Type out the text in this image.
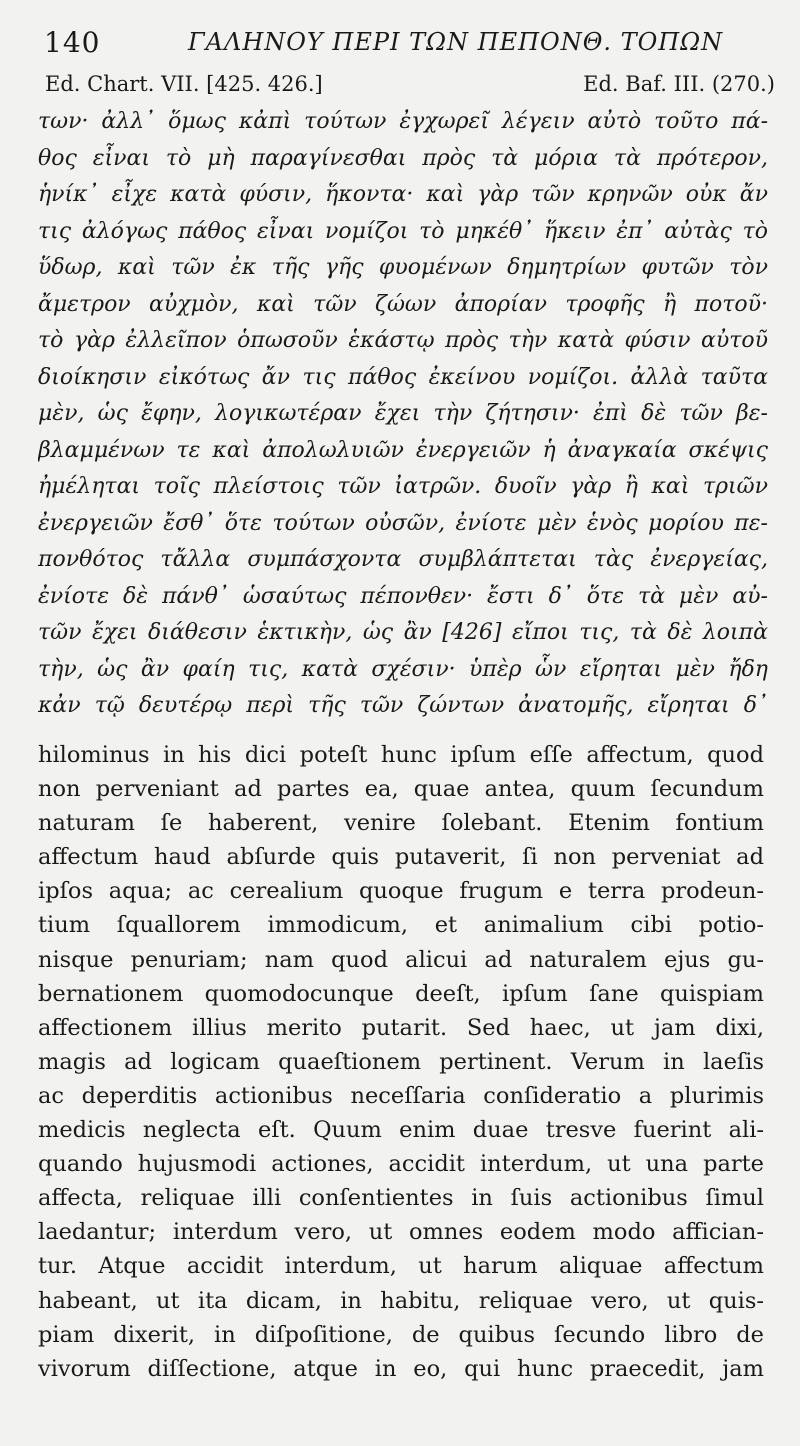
140	ΓΑΛΗΝΟΥ ΠΕΡΙ ΤΩΝ ΠΕΠΟΝΘ. ΤΟΠΩΝ
Ed. Chart. VII. [425. 426.]	Ed. Baf. III. (270.)
των· ἀλλ᾽ ὅμως κἀπὶ τούτων ἐγχωρεῖ λέγειν αὐτὸ τοῦτο πά-
θος εἶναι τὸ μὴ παραγίνεσθαι πρὸς τὰ μόρια τὰ πρότερον,
ἡνίκ᾽ εἶχε κατὰ φύσιν, ἥκοντα· καὶ γὰρ τῶν κρηνῶν οὐκ ἄν
τις ἀλόγως πάθος εἶναι νομίζοι τὸ μηκέθ᾽ ἥκειν ἐπ᾽ αὐτὰς τὸ
ὕδωρ, καὶ τῶν ἐκ τῆς γῆς φυομένων δημητρίων φυτῶν τὸν
ἄμετρον αὐχμὸν, καὶ τῶν ζώων ἀπορίαν τροφῆς ἢ ποτοῦ·
τὸ γὰρ ἐλλεῖπον ὁπωσοῦν ἑκάστῳ πρὸς τὴν κατὰ φύσιν αὐτοῦ
διοίκησιν εἰκότως ἄν τις πάθος ἐκείνου νομίζοι. ἀλλὰ ταῦτα
μὲν, ὡς ἔφην, λογικωτέραν ἔχει τὴν ζήτησιν· ἐπὶ δὲ τῶν βε-
βλαμμένων τε καὶ ἀπολωλυιῶν ἐνεργειῶν ἡ ἀναγκαία σκέψις
ἠμέληται τοῖς πλείστοις τῶν ἰατρῶν. δυοῖν γὰρ ἢ καὶ τριῶν
ἐνεργειῶν ἔσθ᾽ ὅτε τούτων οὐσῶν, ἐνίοτε μὲν ἑνὸς μορίου πε-
πονθότος τἄλλα συμπάσχοντα συμβλάπτεται τὰς ἐνεργείας,
ἐνίοτε δὲ πάνθ᾽ ὡσαύτως πέπονθεν· ἔστι δ᾽ ὅτε τὰ μὲν αὐ-
τῶν ἔχει διάθεσιν ἑκτικὴν, ὡς ἂν [426] εἴποι τις, τὰ δὲ λοιπὰ
τὴν, ὡς ἂν φαίη τις, κατὰ σχέσιν· ὑπὲρ ὧν εἴρηται μὲν ἤδη
κἀν τῷ δευτέρῳ περὶ τῆς τῶν ζώντων ἀνατομῆς, εἴρηται δ᾽
hilominus in his dici poteſt hunc ipſum eſſe affectum, quod
non perveniant ad partes ea, quae antea, quum ſecundum
naturam ſe haberent, venire ſolebant. Etenim fontium
affectum haud abſurde quis putaverit, ſi non perveniat ad
ipſos aqua; ac cerealium quoque frugum e terra prodeun-
tium ſquallorem immodicum, et animalium cibi potio-
nisque penuriam; nam quod alicui ad naturalem ejus gu-
bernationem quomodocunque deeſt, ipſum ſane quispiam
affectionem illius merito putarit. Sed haec, ut jam dixi,
magis ad logicam quaeſtionem pertinent. Verum in laeſis
ac deperditis actionibus neceſſaria conſideratio a plurimis
medicis neglecta eſt. Quum enim duae tresve fuerint ali-
quando hujusmodi actiones, accidit interdum, ut una parte
affecta, reliquae illi conſentientes in ſuis actionibus ſimul
laedantur; interdum vero, ut omnes eodem modo affician-
tur. Atque accidit interdum, ut harum aliquae affectum
habeant, ut ita dicam, in habitu, reliquae vero, ut quis-
piam dixerit, in diſpoſitione, de quibus ſecundo libro de
vivorum diſſectione, atque in eo, qui hunc praecedit, jam
